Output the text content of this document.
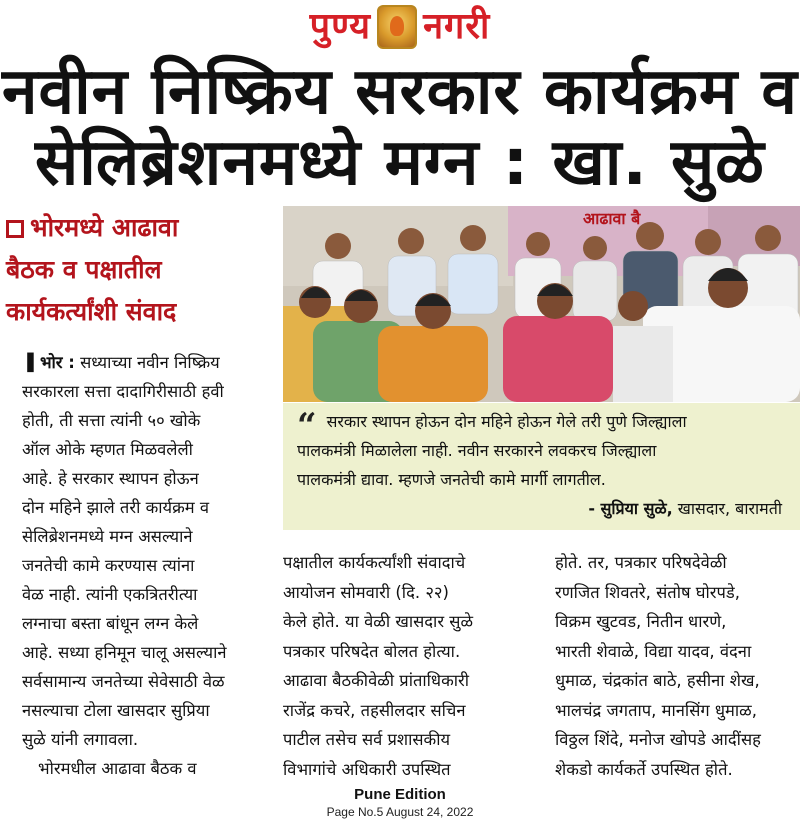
पुण्य नगरी
नवीन निष्क्रिय सरकार कार्यक्रम व
सेलिब्रेशनमध्ये मग्न : खा. सुळे
भोरमध्ये आढावा
बैठक व पक्षातील
कार्यकर्त्यांशी संवाद

▌भोर : सध्याच्या नवीन निष्क्रिय

सरकारला सत्ता दादागिरीसाठी हवी

होती, ती सत्ता त्यांनी ५० खोके

ऑल ओके म्हणत मिळवलेली

आहे. हे सरकार स्थापन होऊन

दोन महिने झाले तरी कार्यक्रम व

सेलिब्रेशनमध्ये मग्न असल्याने

जनतेची कामे करण्यास त्यांना

वेळ नाही. त्यांनी एकत्रितरीत्या

लग्नाचा बस्ता बांधून लग्न केले

आहे. सध्या हनिमून चालू असल्याने

सर्वसामान्य जनतेच्या सेवेसाठी वेळ

नसल्याचा टोला खासदार सुप्रिया

सुळे यांनी लगावला.

भोरमधील आढावा बैठक व

आढावा बै
“ सरकार स्थापन होऊन दोन महिने होऊन गेले तरी पुणे जिल्ह्याला
पालकमंत्री मिळालेला नाही. नवीन सरकारने लवकरच जिल्ह्याला
पालकमंत्री द्यावा. म्हणजे जनतेची कामे मार्गी लागतील.
- सुप्रिया सुळे, खासदार, बारामती

पक्षातील कार्यकर्त्यांशी संवादाचे

आयोजन सोमवारी (दि. २२)

केले होते. या वेळी खासदार सुळे

पत्रकार परिषदेत बोलत होत्या.

आढावा बैठकीवेळी प्रांताधिकारी

राजेंद्र कचरे, तहसीलदार सचिन

पाटील तसेच सर्व प्रशासकीय

विभागांचे अधिकारी उपस्थित

होते. तर, पत्रकार परिषदेवेळी

रणजित शिवतरे, संतोष घोरपडे,

विक्रम खुटवड, नितीन धारणे,

भारती शेवाळे, विद्या यादव, वंदना

धुमाळ, चंद्रकांत बाठे, हसीना शेख,

भालचंद्र जगताप, मानसिंग धुमाळ,

विठ्ठल शिंदे, मनोज खोपडे आदींसह

शेकडो कार्यकर्ते उपस्थित होते.

Pune Edition
Page No.5 August 24, 2022
